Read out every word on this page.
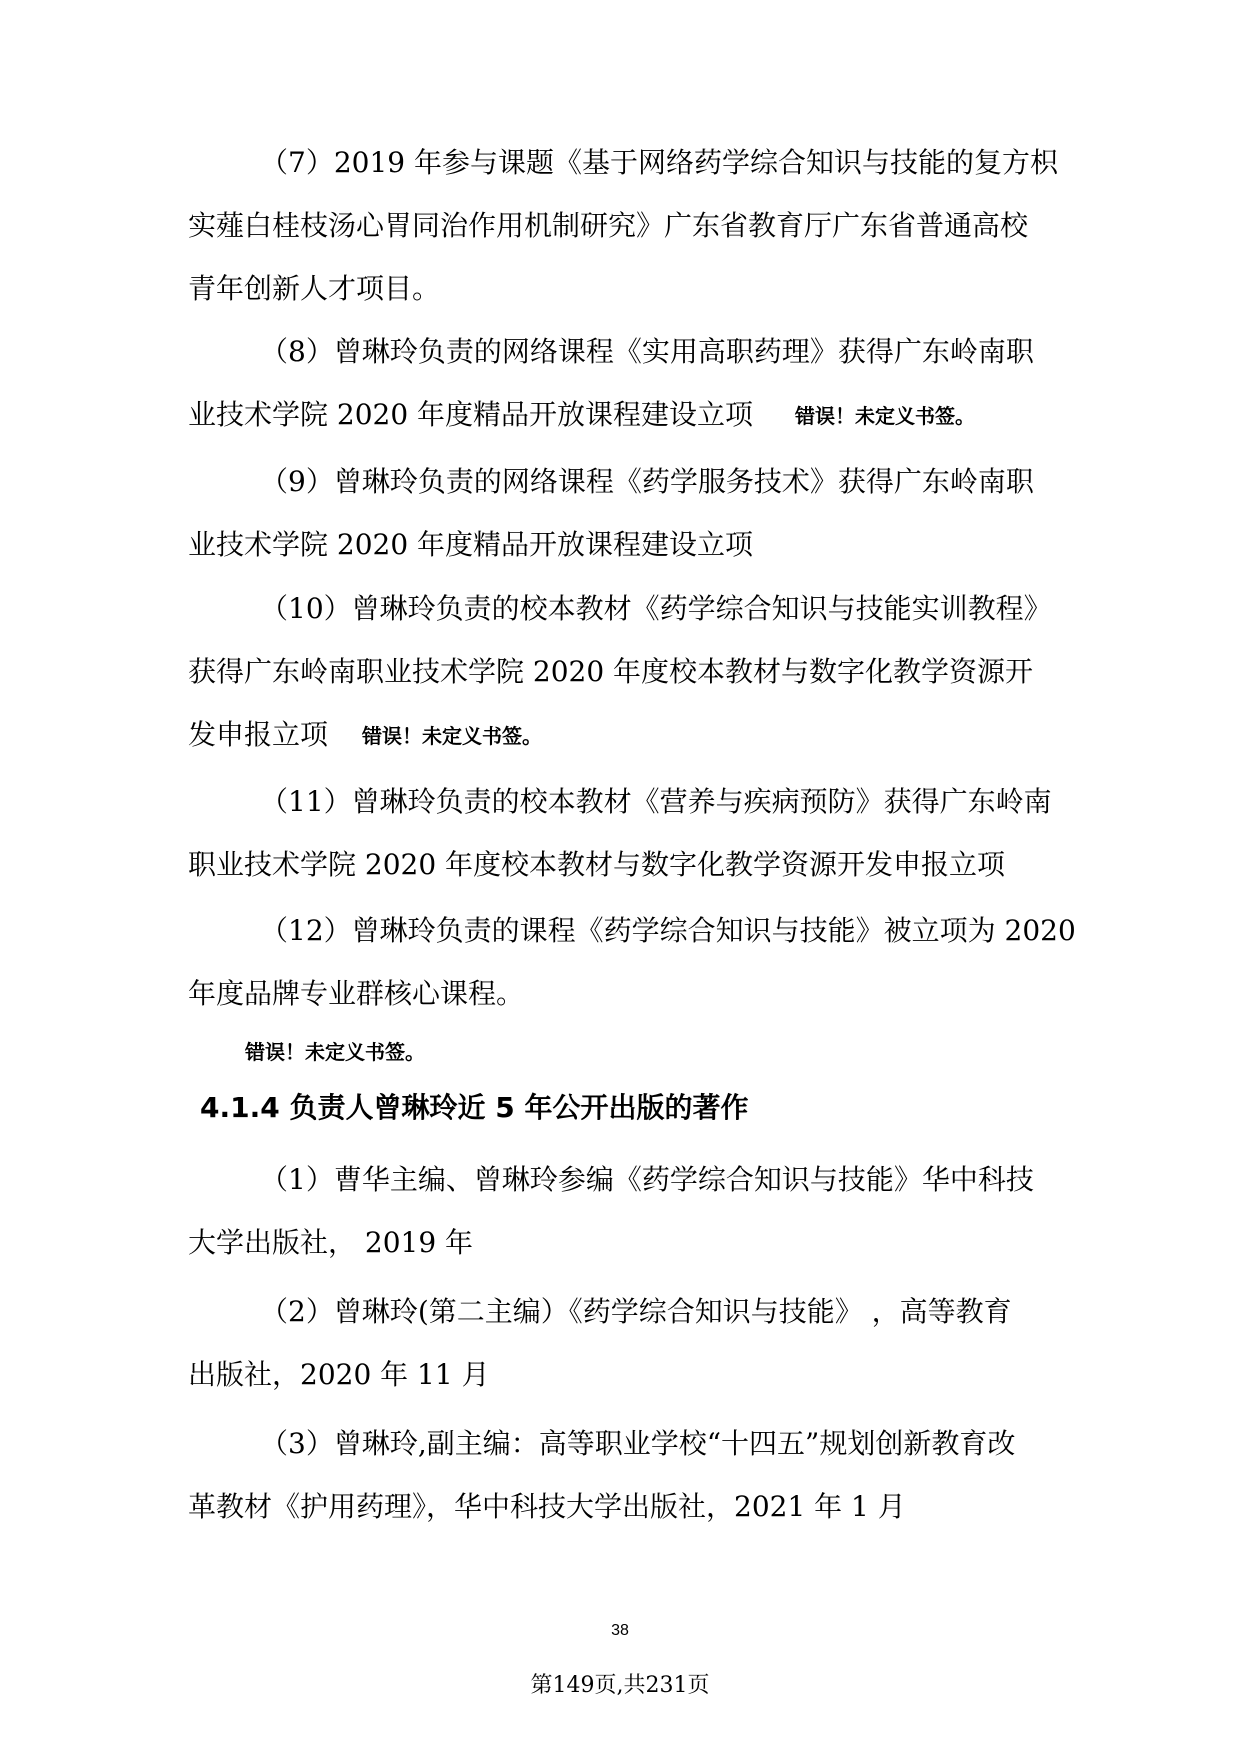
（7）2019 年参与课题《基于网络药学综合知识与技能的复方枳
实薤白桂枝汤心胃同治作用机制研究》广东省教育厅广东省普通高校
青年创新人才项目。
（8）曾琳玲负责的网络课程《实用高职药理》获得广东岭南职
业技术学院 2020 年度精品开放课程建设立项 错误！未定义书签。
（9）曾琳玲负责的网络课程《药学服务技术》获得广东岭南职
业技术学院 2020 年度精品开放课程建设立项
（10）曾琳玲负责的校本教材《药学综合知识与技能实训教程》
获得广东岭南职业技术学院 2020 年度校本教材与数字化教学资源开
发申报立项 错误！未定义书签。
（11）曾琳玲负责的校本教材《营养与疾病预防》获得广东岭南
职业技术学院 2020 年度校本教材与数字化教学资源开发申报立项
（12）曾琳玲负责的课程《药学综合知识与技能》被立项为 2020
年度品牌专业群核心课程。
错误！未定义书签。
4.1.4 负责人曾琳玲近 5 年公开出版的著作
（1）曹华主编、曾琳玲参编《药学综合知识与技能》华中科技
大学出版社， 2019 年
（2）曾琳玲(第二主编）《药学综合知识与技能》 ，高等教育
出版社，2020 年 11 月
（3）曾琳玲,副主编：高等职业学校“十四五”规划创新教育改
革教材《护用药理》，华中科技大学出版社，2021 年 1 月
38
第149页,共231页
